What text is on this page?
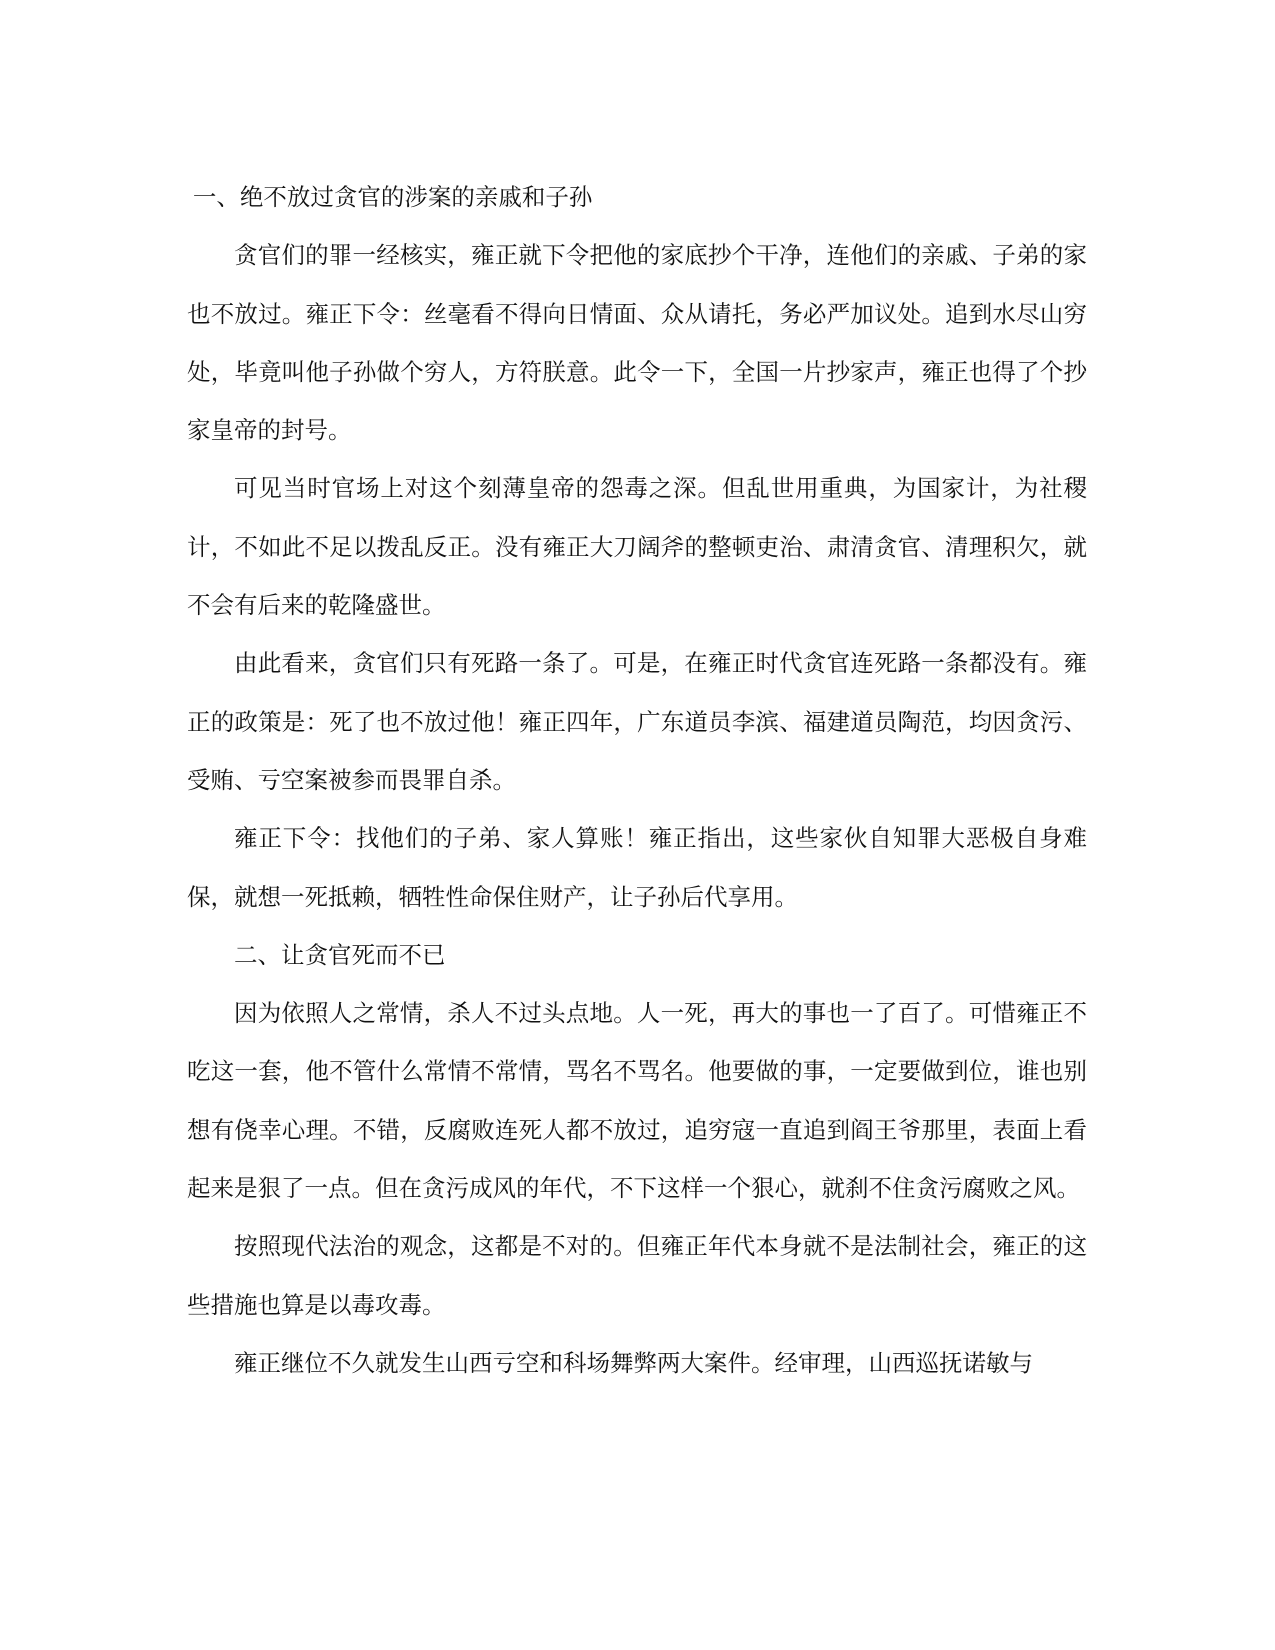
一、绝不放过贪官的涉案的亲戚和子孙

贪官们的罪一经核实，雍正就下令把他的家底抄个干净，连他们的亲戚、子弟的家也不放过。雍正下令：丝毫看不得向日情面、众从请托，务必严加议处。追到水尽山穷处，毕竟叫他子孙做个穷人，方符朕意。此令一下，全国一片抄家声，雍正也得了个抄家皇帝的封号。

可见当时官场上对这个刻薄皇帝的怨毒之深。但乱世用重典，为国家计，为社稷计，不如此不足以拨乱反正。没有雍正大刀阔斧的整顿吏治、肃清贪官、清理积欠，就不会有后来的乾隆盛世。

由此看来，贪官们只有死路一条了。可是，在雍正时代贪官连死路一条都没有。雍正的政策是：死了也不放过他！雍正四年，广东道员李滨、福建道员陶范，均因贪污、受贿、亏空案被参而畏罪自杀。

雍正下令：找他们的子弟、家人算账！雍正指出，这些家伙自知罪大恶极自身难保，就想一死抵赖，牺牲性命保住财产，让子孙后代享用。

二、让贪官死而不已

因为依照人之常情，杀人不过头点地。人一死，再大的事也一了百了。可惜雍正不吃这一套，他不管什么常情不常情，骂名不骂名。他要做的事，一定要做到位，谁也别想有侥幸心理。不错，反腐败连死人都不放过，追穷寇一直追到阎王爷那里，表面上看起来是狠了一点。但在贪污成风的年代，不下这样一个狠心，就刹不住贪污腐败之风。

按照现代法治的观念，这都是不对的。但雍正年代本身就不是法制社会，雍正的这些措施也算是以毒攻毒。

雍正继位不久就发生山西亏空和科场舞弊两大案件。经审理，山西巡抚诺敏与
